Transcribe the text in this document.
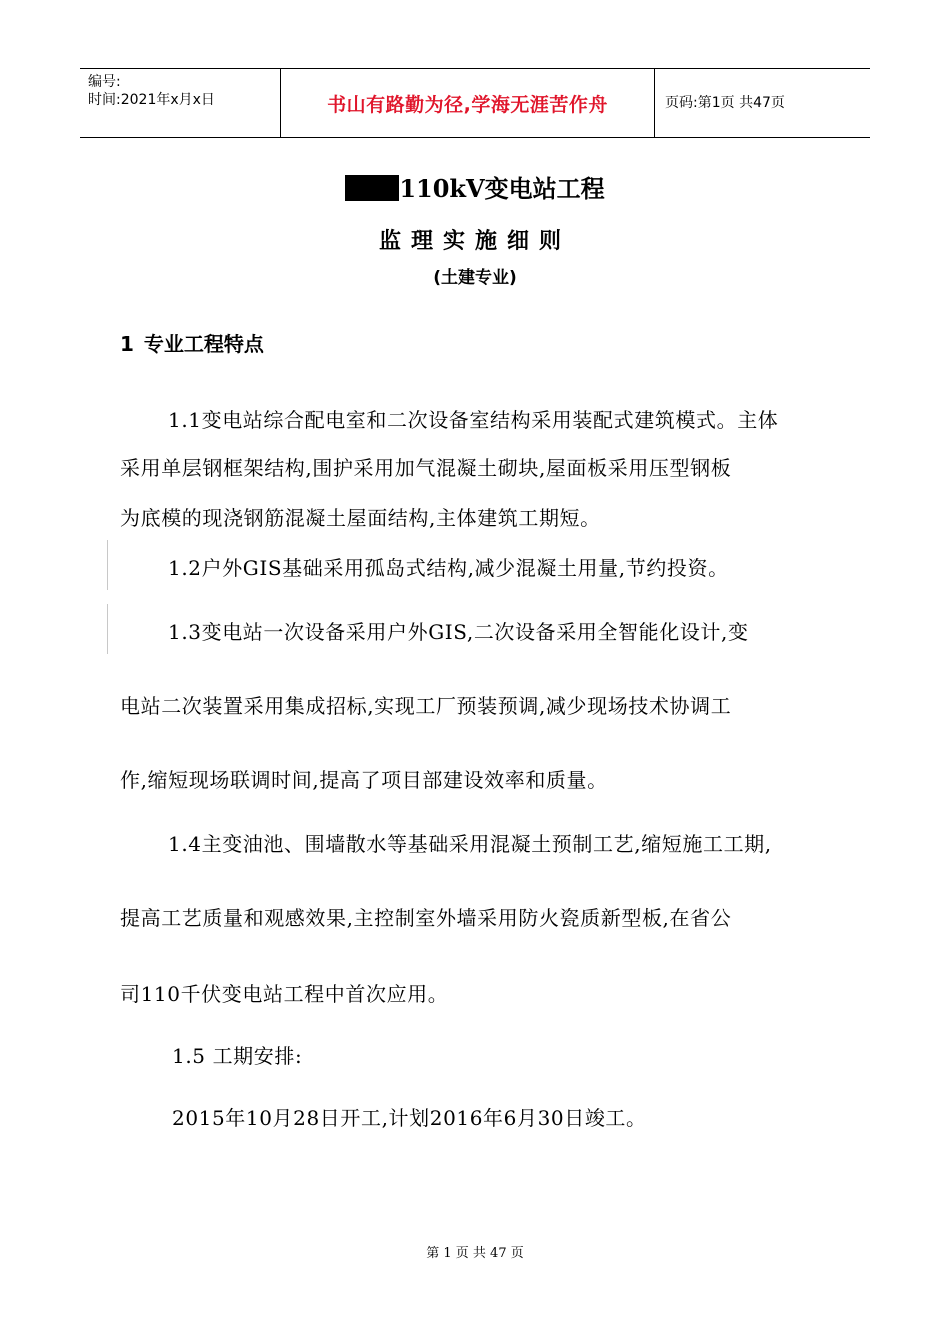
编号:
时间:2021年x月x日	书山有路勤为径,学海无涯苦作舟	页码:第1页 共47页
110kV变电站工程
监理实施细则
(土建专业)
1 专业工程特点
1.1变电站综合配电室和二次设备室结构采用装配式建筑模式。主体
采用单层钢框架结构,围护采用加气混凝土砌块,屋面板采用压型钢板
为底模的现浇钢筋混凝土屋面结构,主体建筑工期短。
1.2户外GIS基础采用孤岛式结构,减少混凝土用量,节约投资。
1.3变电站一次设备采用户外GIS,二次设备采用全智能化设计,变
电站二次装置采用集成招标,实现工厂预装预调,减少现场技术协调工
作,缩短现场联调时间,提高了项目部建设效率和质量。
1.4主变油池、围墙散水等基础采用混凝土预制工艺,缩短施工工期,
提高工艺质量和观感效果,主控制室外墙采用防火瓷质新型板,在省公
司110千伏变电站工程中首次应用。
1.5 工期安排:
2015年10月28日开工,计划2016年6月30日竣工。
第 1 页 共 47 页
